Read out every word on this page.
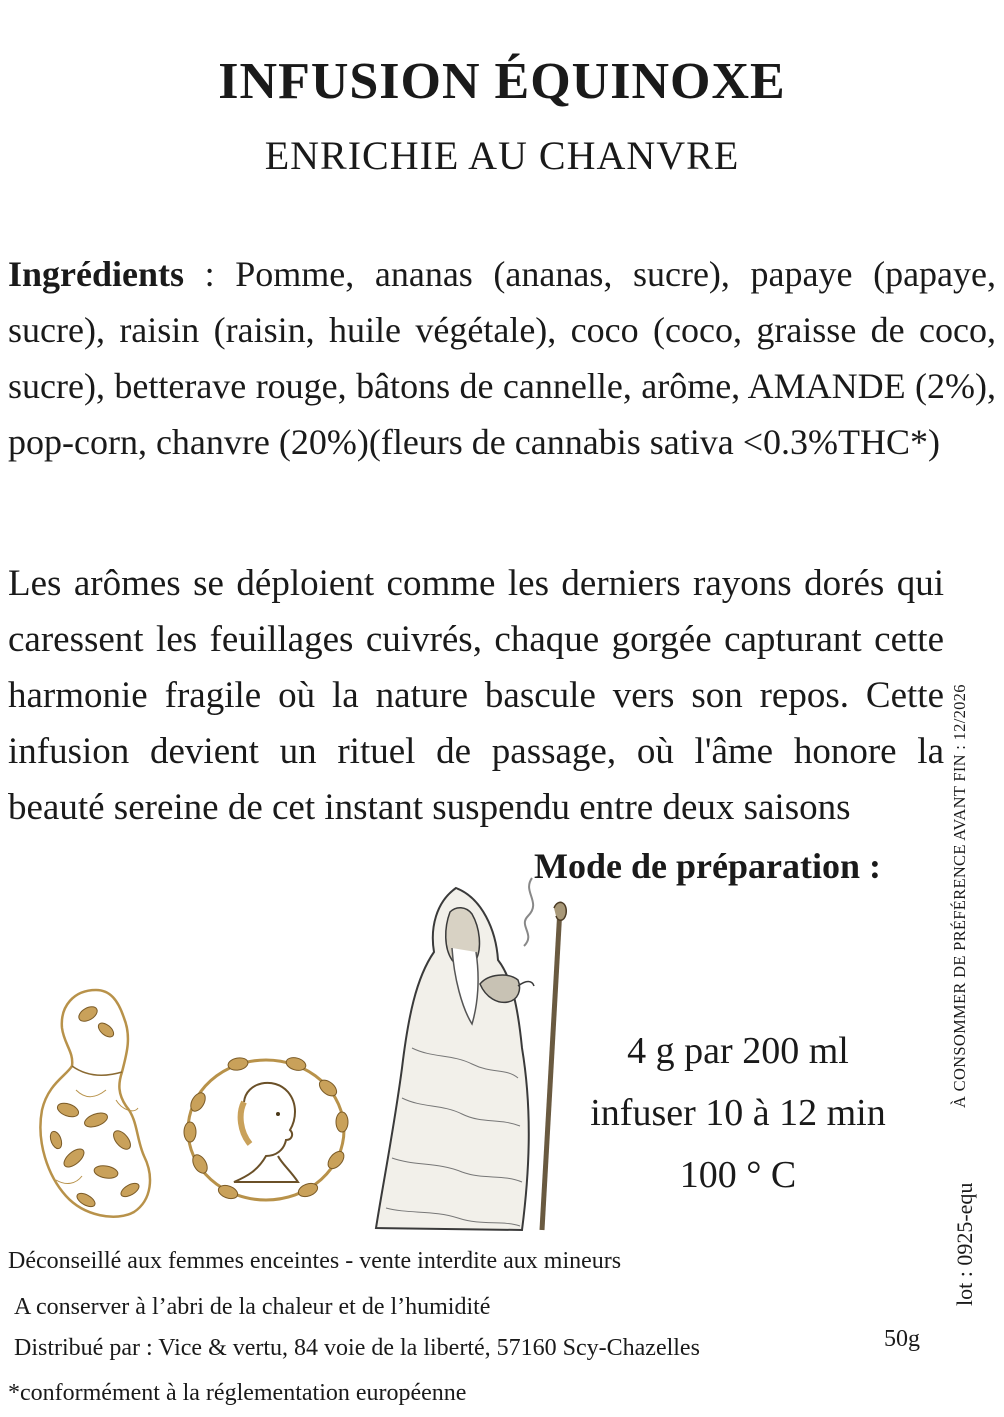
INFUSION ÉQUINOXE
ENRICHIE AU CHANVRE
Ingrédients : Pomme, ananas (ananas, sucre), papaye (papaye, sucre), raisin (raisin, huile végétale), coco (coco, graisse de coco, sucre), betterave rouge, bâtons de cannelle, arôme, AMANDE (2%), pop-corn, chanvre (20%)(fleurs de cannabis sativa <0.3%THC*)
Les arômes se déploient comme les derniers rayons dorés qui caressent les feuillages cuivrés, chaque gorgée capturant cette harmonie fragile où la nature bascule vers son repos. Cette infusion devient un rituel de passage, où l'âme honore la beauté sereine de cet instant suspendu entre deux saisons
Mode de préparation :
4 g par 200 ml
infuser 10 à 12 min
100 ° C
À CONSOMMER DE PRÉFÉRENCE AVANT FIN : 12/2026
lot : 0925-equ
Déconseillé aux femmes enceintes - vente interdite aux mineurs
A conserver à l’abri de la chaleur et de l’humidité
Distribué par : Vice & vertu, 84 voie de la liberté, 57160 Scy-Chazelles
*conformément à la réglementation européenne
50g
